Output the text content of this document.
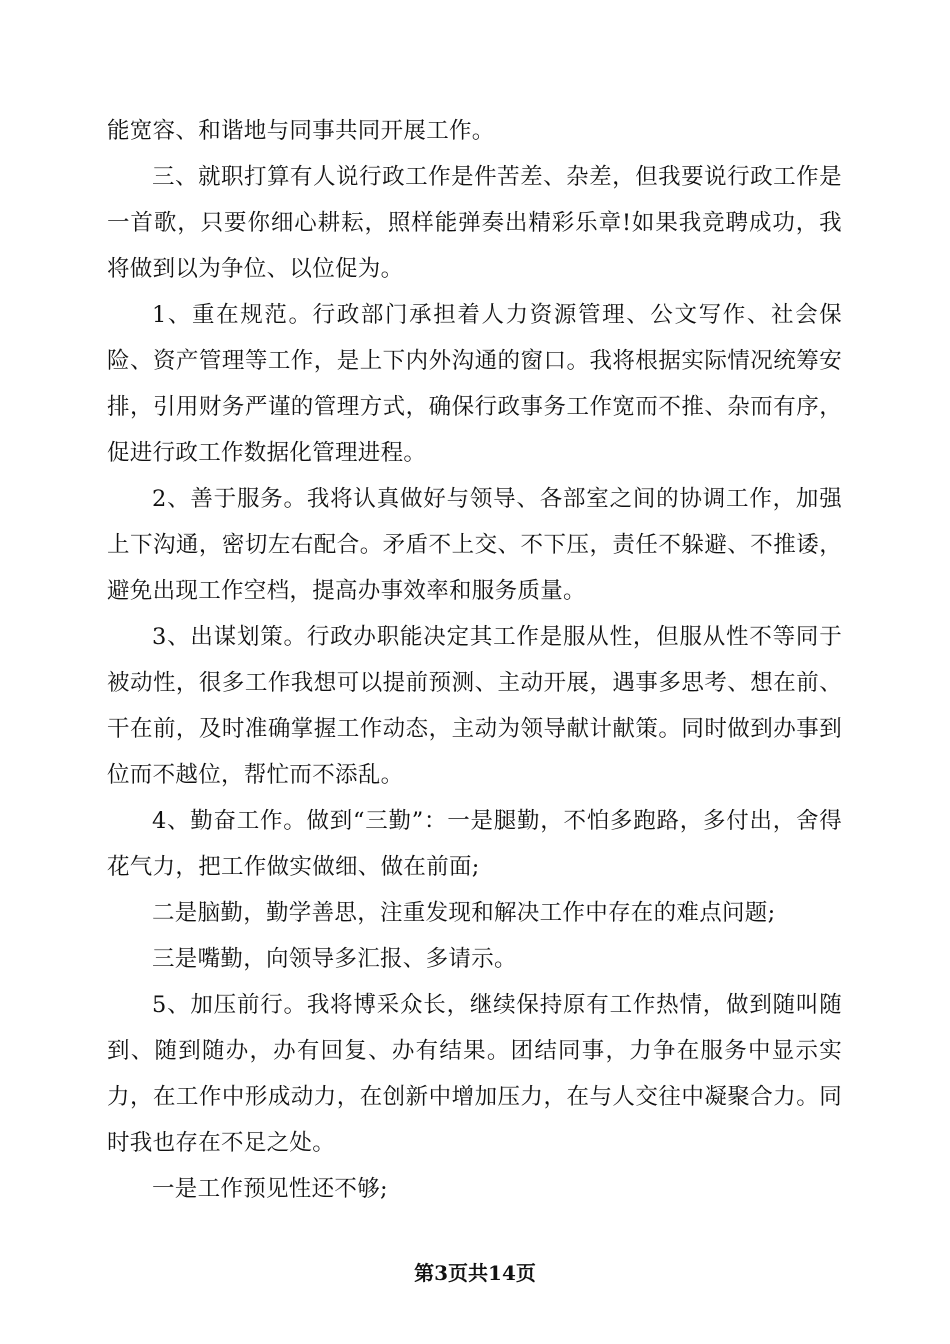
能宽容、和谐地与同事共同开展工作。

三、就职打算有人说行政工作是件苦差、杂差，但我要说行政工作是一首歌，只要你细心耕耘，照样能弹奏出精彩乐章!如果我竞聘成功，我将做到以为争位、以位促为。

1、重在规范。行政部门承担着人力资源管理、公文写作、社会保险、资产管理等工作，是上下内外沟通的窗口。我将根据实际情况统筹安排，引用财务严谨的管理方式，确保行政事务工作宽而不推、杂而有序，促进行政工作数据化管理进程。

2、善于服务。我将认真做好与领导、各部室之间的协调工作，加强上下沟通，密切左右配合。矛盾不上交、不下压，责任不躲避、不推诿，避免出现工作空档，提高办事效率和服务质量。

3、出谋划策。行政办职能决定其工作是服从性，但服从性不等同于被动性，很多工作我想可以提前预测、主动开展，遇事多思考、想在前、干在前，及时准确掌握工作动态，主动为领导献计献策。同时做到办事到位而不越位，帮忙而不添乱。

4、勤奋工作。做到“三勤”：一是腿勤，不怕多跑路，多付出，舍得花气力，把工作做实做细、做在前面;

二是脑勤，勤学善思，注重发现和解决工作中存在的难点问题;

三是嘴勤，向领导多汇报、多请示。

5、加压前行。我将博采众长，继续保持原有工作热情，做到随叫随到、随到随办，办有回复、办有结果。团结同事，力争在服务中显示实力，在工作中形成动力，在创新中增加压力，在与人交往中凝聚合力。同时我也存在不足之处。

一是工作预见性还不够;

第3页共14页
